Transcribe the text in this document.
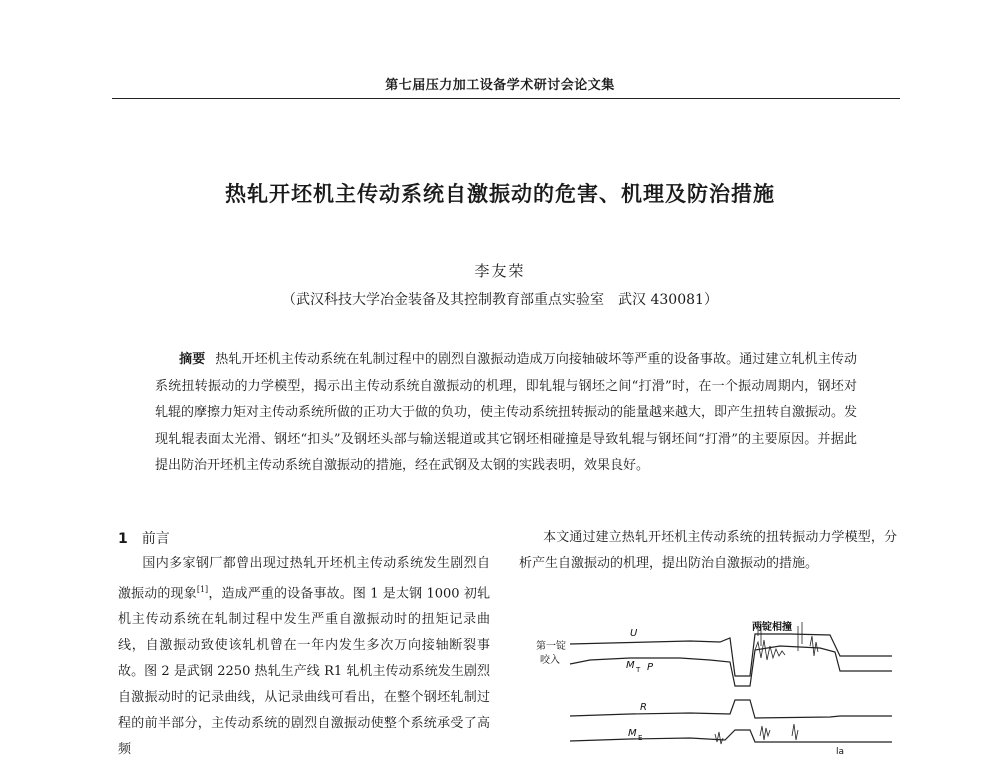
第七届压力加工设备学术研讨会论文集
热轧开坯机主传动系统自激振动的危害、机理及防治措施
李友荣
（武汉科技大学冶金装备及其控制教育部重点实验室　武汉 430081）
摘要 热轧开坯机主传动系统在轧制过程中的剧烈自激振动造成万向接轴破坏等严重的设备事故。通过建立轧机主传动系统扭转振动的力学模型，揭示出主传动系统自激振动的机理，即轧辊与钢坯之间“打滑”时，在一个振动周期内，钢坯对轧辊的摩擦力矩对主传动系统所做的正功大于做的负功，使主传动系统扭转振动的能量越来越大，即产生扭转自激振动。发现轧辊表面太光滑、钢坯“扣头”及钢坯头部与输送辊道或其它钢坯相碰撞是导致轧辊与钢坯间“打滑”的主要原因。并据此提出防治开坯机主传动系统自激振动的措施，经在武钢及太钢的实践表明，效果良好。
1 前言
国内多家钢厂都曾出现过热轧开坯机主传动系统发生剧烈自激振动的现象[1]，造成严重的设备事故。图 1 是太钢 1000 初轧机主传动系统在轧制过程中发生严重自激振动时的扭矩记录曲线，自激振动致使该轧机曾在一年内发生多次万向接轴断裂事故。图 2 是武钢 2250 热轧生产线 R1 轧机主传动系统发生剧烈自激振动时的记录曲线，从记录曲线可看出，在整个钢坯轧制过程的前半部分，主传动系统的剧烈自激振动使整个系统承受了高频
本文通过建立热轧开坯机主传动系统的扭转振动力学模型，分析产生自激振动的机理，提出防治自激振动的措施。
第一锭
咬入
U
两锭相撞
M T P
R
M E
la
